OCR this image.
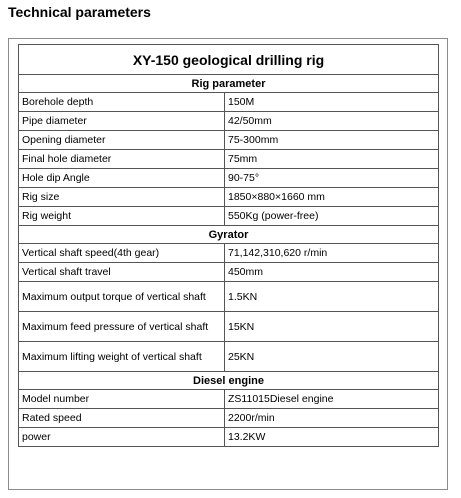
Technical parameters
XY-150 geological drilling rig	
Rig parameter	
Borehole depth	150M
Pipe diameter	42/50mm
Opening diameter	75-300mm
Final hole diameter	75mm
Hole dip Angle	90-75°
Rig size	1850×880×1660 mm
Rig weight	550Kg (power-free)
Gyrator	
Vertical shaft speed(4th gear)	71,142,310,620 r/min
Vertical shaft travel	450mm
Maximum output torque of vertical shaft	1.5KN
Maximum feed pressure of vertical shaft	15KN
Maximum lifting weight of vertical shaft	25KN
Diesel engine	
Model number	ZS11015Diesel engine
Rated speed	2200r/min
power	13.2KW
